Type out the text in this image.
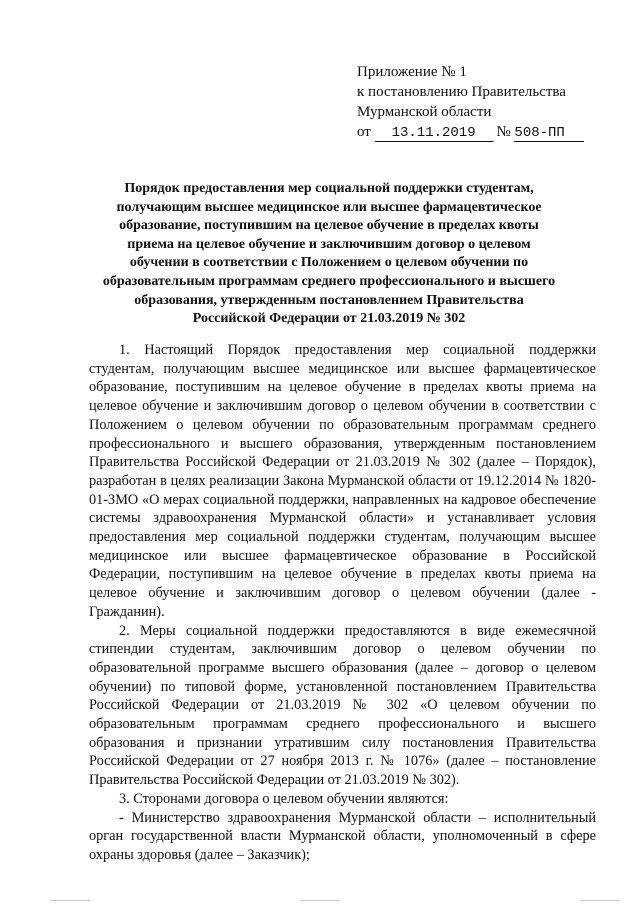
Приложение № 1
к постановлению Правительства
Мурманской области
от 13.11.2019 № 508-ПП
Порядок предоставления мер социальной поддержки студентам, получающим высшее медицинское или высшее фармацевтическое образование, поступившим на целевое обучение в пределах квоты приема на целевое обучение и заключившим договор о целевом обучении в соответствии с Положением о целевом обучении по образовательным программам среднего профессионального и высшего образования, утвержденным постановлением Правительства Российской Федерации от 21.03.2019 № 302

1. Настоящий Порядок предоставления мер социальной поддержки студентам, получающим высшее медицинское или высшее фармацевтическое образование, поступившим на целевое обучение в пределах квоты приема на целевое обучение и заключившим договор о целевом обучении в соответствии с Положением о целевом обучении по образовательным программам среднего профессионального и высшего образования, утвержденным постановлением Правительства Российской Федерации от 21.03.2019 № 302 (далее – Порядок), разработан в целях реализации Закона Мурманской области от 19.12.2014 № 1820-01-ЗМО «О мерах социальной поддержки, направленных на кадровое обеспечение системы здравоохранения Мурманской области» и устанавливает условия предоставления мер социальной поддержки студентам, получающим высшее медицинское или высшее фармацевтическое образование в Российской Федерации, поступившим на целевое обучение в пределах квоты приема на целевое обучение и заключившим договор о целевом обучении (далее - Гражданин).

2. Меры социальной поддержки предоставляются в виде ежемесячной стипендии студентам, заключившим договор о целевом обучении по образовательной программе высшего образования (далее – договор о целевом обучении) по типовой форме, установленной постановлением Правительства Российской Федерации от 21.03.2019 № 302 «О целевом обучении по образовательным программам среднего профессионального и высшего образования и признании утратившим силу постановления Правительства Российской Федерации от 27 ноября 2013 г. № 1076» (далее – постановление Правительства Российской Федерации от 21.03.2019 № 302).

3. Сторонами договора о целевом обучении являются:

- Министерство здравоохранения Мурманской области – исполнительный орган государственной власти Мурманской области, уполномоченный в сфере охраны здоровья (далее – Заказчик);
